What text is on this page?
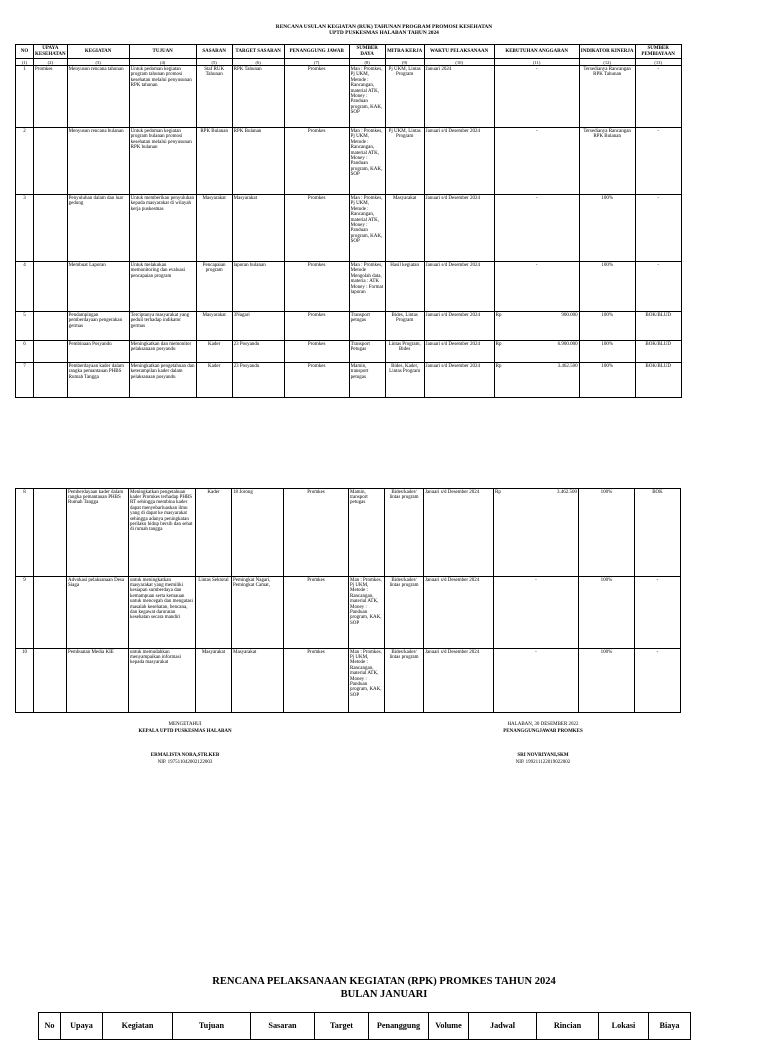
RENCANA USULAN KEGIATAN (RUK) TAHUNAN PROGRAM PROMOSI KESEHATAN
UPTD PUSKESMAS HALABAN TAHUN 2024
NO	UPAYA KESEHATAN	KEGIATAN	TUJUAN	SASARAN	TARGET SASARAN	PENANGGUNG JAWAB	SUMBER DAYA	MITRA KERJA	WAKTU PELAKSANAAN	KEBUTUHAN ANGGARAN	INDIKATOR KINERJA	SUMBER PEMBIAYAAN
(1)	(2)	(3)	(4)	(5)	(6)	(7)	(8)	(9)	(10)	(11)	(12)	(13)
1	Promkes	Menyusun rencana tahunan	Untuk pedoman kegiatan program tahunan promosi kesehatan melalui penyusunan RPK tahunan	Staf RUK Tahunan	RPK Tahunan	Promkes	Man : Promkes, Pj UKM, Metode : Rancangan, material ATK, Money : Panduan program, KAK, SOP	Pj UKM, Lintas Program	Januari 2024	-	Tersedianya Rancangan RPK Tahunan	-
2		Menyusun rencana bulanan	Untuk pedoman kegiatan program bulanan promosi kesehatan melalui penyusunan RPK bulanan	RPK Bulanan	RPK Bulanan	Promkes	Man : Promkes, Pj UKM, Metode : Rancangan, material ATK, Money : Panduan program, KAK, SOP	Pj UKM, Lintas Program	Januari s/d Desember 2024	-	Tersedianya Rancangan RPK Bulanan	-
3		Penyuluhan dalam dan luar gedung	Untuk memberikan penyuluhan kepada masyarakat di wilayah kerja puskesmas	Masyarakat	Masyarakat	Promkes	Man : Promkes, Pj UKM, Metode : Rancangan, material ATK, Money : Panduan program, KAK, SOP	Masyarakat	Januari s/d Desember 2024	-	100%	-
4		Membuat Laporan	Untuk melakukan memonitoring dan evaluasi pencapaian program	Pencapaian program	laporan bulanan	Promkes	Man : Promkes, Metode Mengolah data, materia : ATK Money : Format laporan	Hasil kegiatan	Januari s/d Desember 2024	-	100%	-
5		Pendampingan pemberdayaan pengerakan germas	Terciptanya masyarakat yang peduli terhadap indikator germas	Masyarakat	3Nagari	Promkes	Transport petugas	Bides, Lintas Program	Januari s/d Desember 2024	Rp 900.000	100%	BOK/BLUD
6		Pembinaan Posyandu	Meningkatkan dan memonitor pelaksanaan posyandu	Kader	23 Posyandu	Promkes	Transport Petugas	Lintas Program, Bides	Januari s/d Desember 2024	Rp 6.900.000	100%	BOK/BLUD
7		Pemberdayaan kader dalam rangka pemantauan PHBS Rumah Tangga	Meningkatkan pengetahuan dan keterampilan kader dalam pelaksanaan posyandu	Kader	23 Posyandu	Promkes	Mamin, transport petugas	Bides, Kader, Lintas Program	Januari s/d Desember 2024	Rp 3.462.500	100%	BOK/BLUD
8		Pemberdayaan kader dalam rangka pemantauan PHBS Rumah Tangga	Meningkatkan pengetahuan kader Promkes terhadap PHBS RT sehingga membina kader dapat menyebarluaskan ilmu yang di dapat ke masyarakat sehingga adanya peningkatan perilaku hidup bersih dan sehat di rumah tangga	Kader	18 Jorong	Promkes	Mamin, transport petugas	Bides/kader/ lintas program	Januari s/d Desember 2024	Rp 3.462.500	100%	BOK
9		Advokasi pelaksanaan Desa Siaga	untuk meningkatkan masyarakat yang memiliki kesiapan sumberdaya dan kemampuan serta kemauan untuk mencegah dan mengatasi masalah kesehatan, bencana, dan kegawat daruratan kesehatan secara mandiri	Lintas Sektoral	Pemingkat Nagari, Pemingkat Camat,	Promkes	Man : Promkes, Pj UKM, Metode : Rancangan, material ATK, Money : Panduan program, KAK, SOP	Bides/kader/ lintas program	Januari s/d Desember 2024	-	100%	-
10		Pembuatan Media KIE	untuk memudahkan menyampaikan informasi kepada masyarakat	Masyarakat	Masyarakat	Promkes	Man : Promkes, Pj UKM, Metode : Rancangan, material ATK, Money : Panduan program, KAK, SOP	Bides/kader/ lintas program	Januari s/d Desember 2024	-	100%	-
MENGETAHUI
KEPALA UPTD PUSKESMAS HALABAN
ERMALISTA NORA,STR.KEB
NIP. 197511042002122003
HALABAN, 30 DESEMBER 2022
PENANGGUNGJAWAB PROMKES
SRI NOVRIYANI,SKM
NIP. 199211122019022002
RENCANA PELAKSANAAN KEGIATAN (RPK) PROMKES TAHUN 2024
BULAN JANUARI
No	Upaya	Kegiatan	Tujuan	Sasaran	Target	Penanggung	Volume	Jadwal	Rincian	Lokasi	Biaya
